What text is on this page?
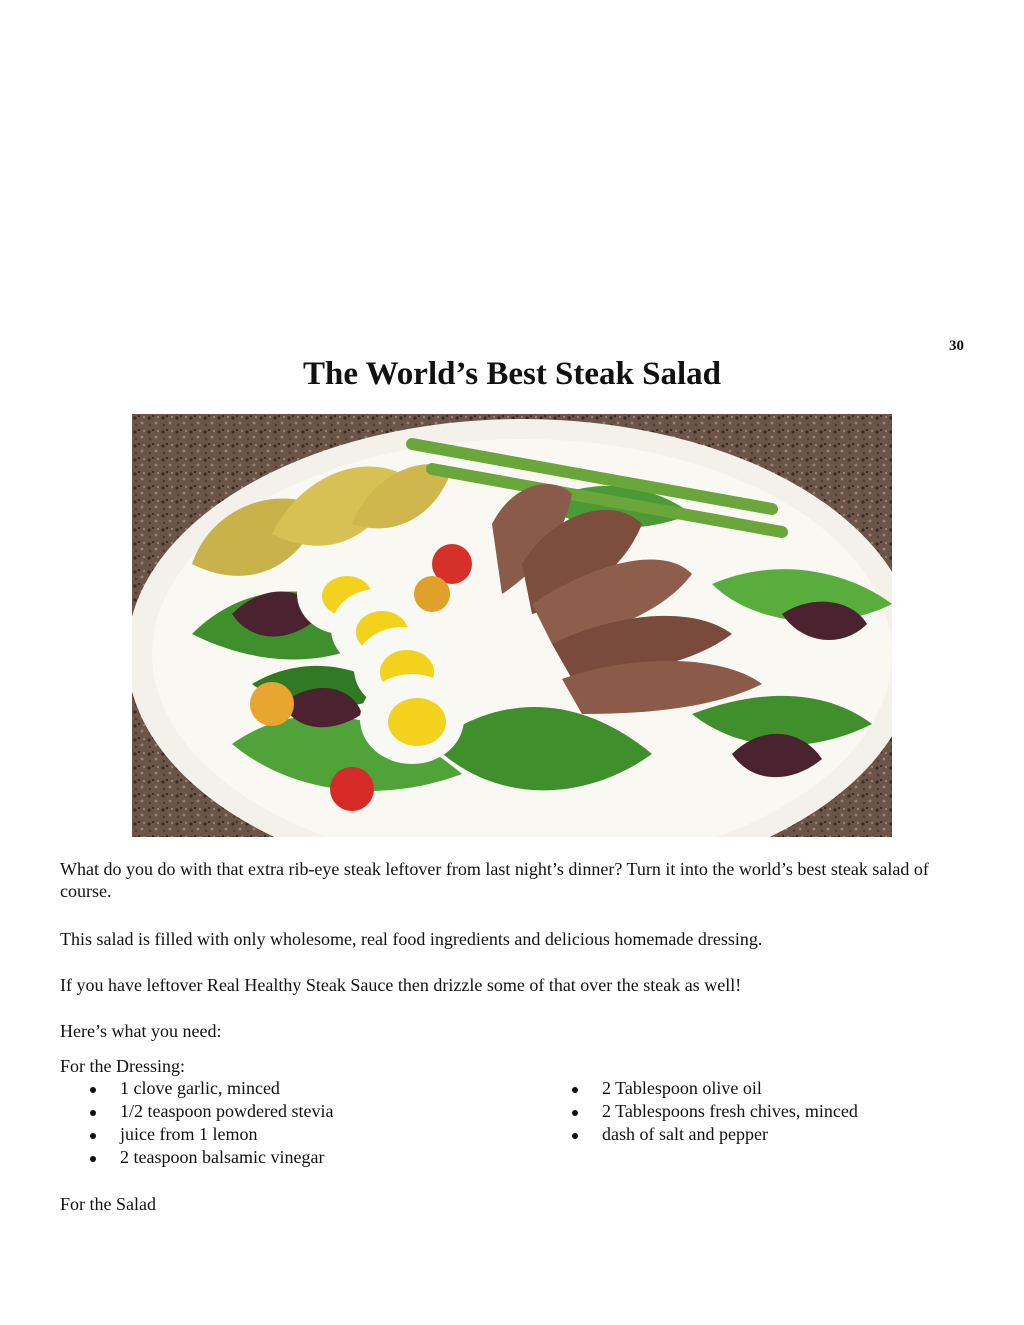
30
The World’s Best Steak Salad

What do you do with that extra rib-eye steak leftover from last night’s dinner? Turn it into the world’s best steak salad of course.

This salad is filled with only wholesome, real food ingredients and delicious homemade dressing.

If you have leftover Real Healthy Steak Sauce then drizzle some of that over the steak as well!

Here’s what you need:

For the Dressing:

1 clove garlic, minced
1/2 teaspoon powdered stevia
juice from 1 lemon
2 teaspoon balsamic vinegar
2 Tablespoon olive oil
2 Tablespoons fresh chives, minced
dash of salt and pepper

For the Salad
